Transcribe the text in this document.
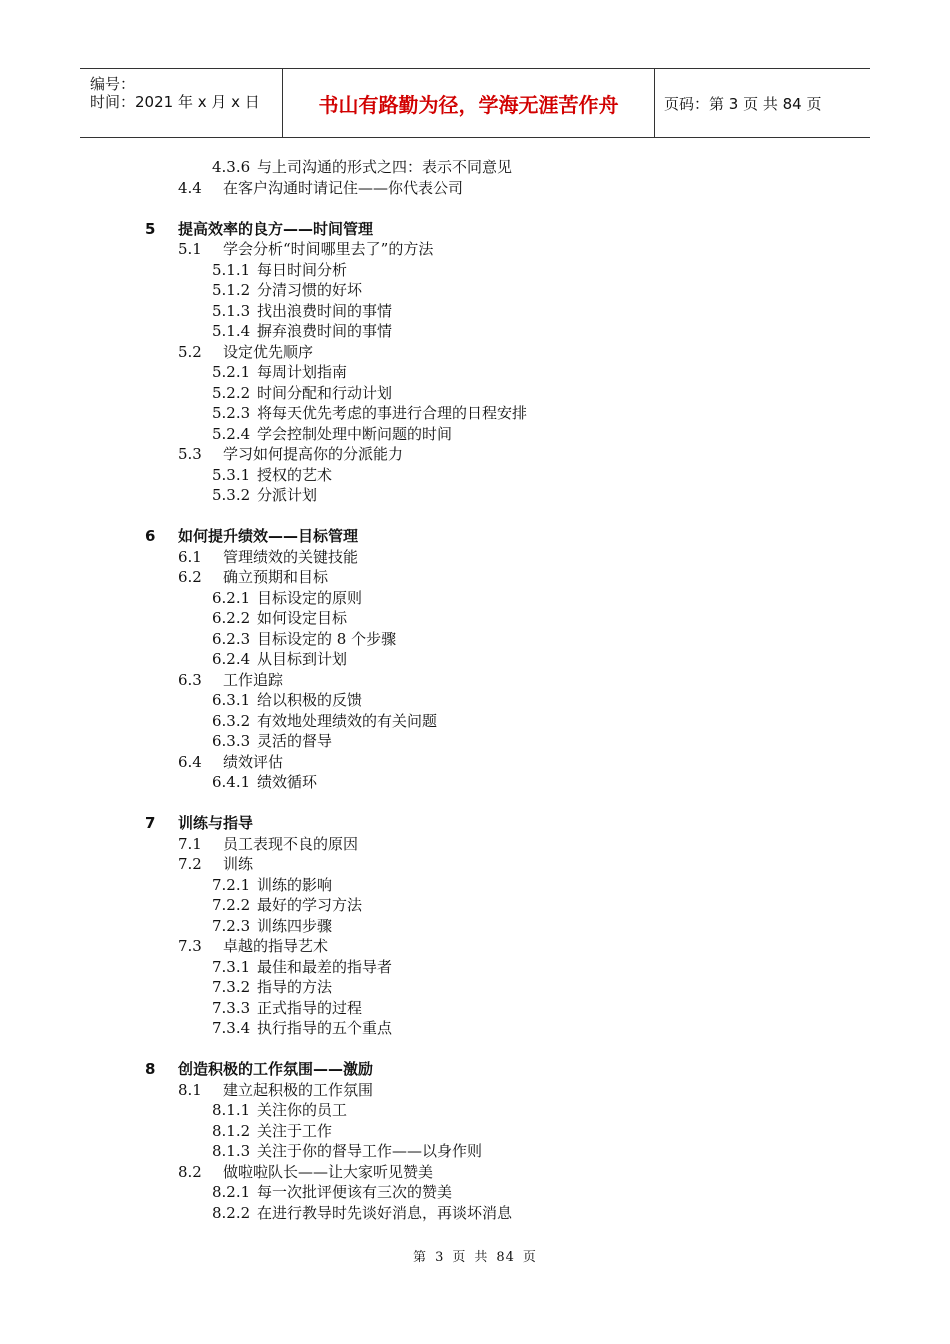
编号：
时间：2021 年 x 月 x 日	书山有路勤为径，学海无涯苦作舟	页码：第 3 页 共 84 页
4.3.6 与上司沟通的形式之四：表示不同意见
4.4 在客户沟通时请记住——你代表公司
5 提高效率的良方——时间管理
5.1 学会分析“时间哪里去了”的方法
5.1.1 每日时间分析
5.1.2 分清习惯的好坏
5.1.3 找出浪费时间的事情
5.1.4 摒弃浪费时间的事情
5.2 设定优先顺序
5.2.1 每周计划指南
5.2.2 时间分配和行动计划
5.2.3 将每天优先考虑的事进行合理的日程安排
5.2.4 学会控制处理中断问题的时间
5.3 学习如何提高你的分派能力
5.3.1 授权的艺术
5.3.2 分派计划
6 如何提升绩效——目标管理
6.1 管理绩效的关键技能
6.2 确立预期和目标
6.2.1 目标设定的原则
6.2.2 如何设定目标
6.2.3 目标设定的 8 个步骤
6.2.4 从目标到计划
6.3 工作追踪
6.3.1 给以积极的反馈
6.3.2 有效地处理绩效的有关问题
6.3.3 灵活的督导
6.4 绩效评估
6.4.1 绩效循环
7 训练与指导
7.1 员工表现不良的原因
7.2 训练
7.2.1 训练的影响
7.2.2 最好的学习方法
7.2.3 训练四步骤
7.3 卓越的指导艺术
7.3.1 最佳和最差的指导者
7.3.2 指导的方法
7.3.3 正式指导的过程
7.3.4 执行指导的五个重点
8 创造积极的工作氛围——激励
8.1 建立起积极的工作氛围
8.1.1 关注你的员工
8.1.2 关注于工作
8.1.3 关注于你的督导工作——以身作则
8.2 做啦啦队长——让大家听见赞美
8.2.1 每一次批评便该有三次的赞美
8.2.2 在进行教导时先谈好消息，再谈坏消息
第 3 页 共 84 页
